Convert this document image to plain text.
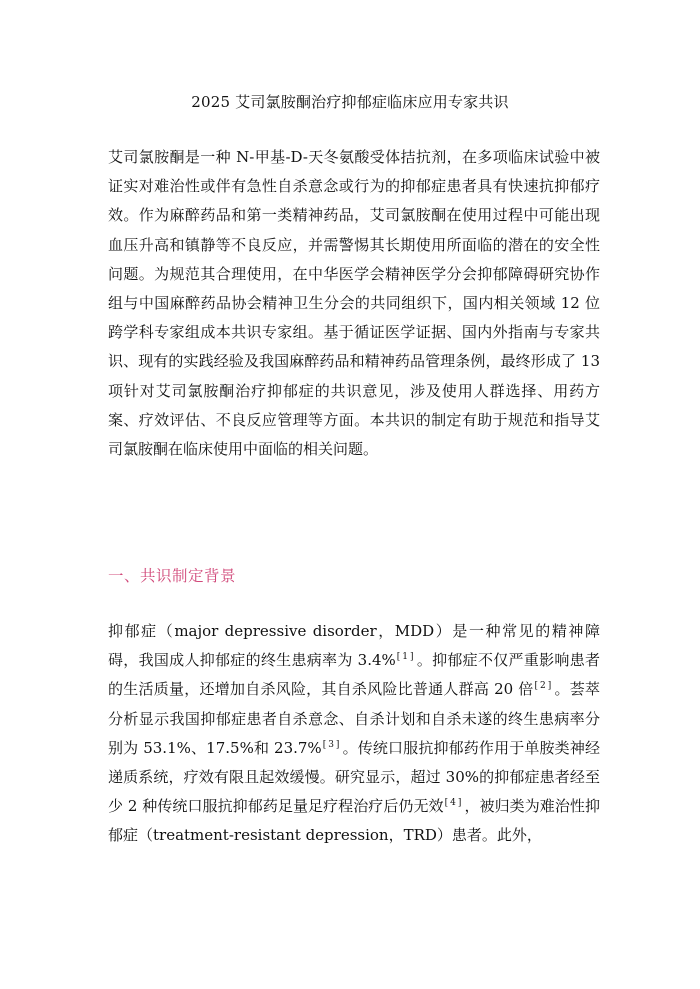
2025 艾司氯胺酮治疗抑郁症临床应用专家共识

艾司氯胺酮是一种 N-甲基-D-天冬氨酸受体拮抗剂，在多项临床试验中被证实对难治性或伴有急性自杀意念或行为的抑郁症患者具有快速抗抑郁疗效。作为麻醉药品和第一类精神药品，艾司氯胺酮在使用过程中可能出现血压升高和镇静等不良反应，并需警惕其长期使用所面临的潜在的安全性问题。为规范其合理使用，在中华医学会精神医学分会抑郁障碍研究协作组与中国麻醉药品协会精神卫生分会的共同组织下，国内相关领域 12 位跨学科专家组成本共识专家组。基于循证医学证据、国内外指南与专家共识、现有的实践经验及我国麻醉药品和精神药品管理条例，最终形成了 13 项针对艾司氯胺酮治疗抑郁症的共识意见，涉及使用人群选择、用药方案、疗效评估、不良反应管理等方面。本共识的制定有助于规范和指导艾司氯胺酮在临床使用中面临的相关问题。

一、共识制定背景

抑郁症（major depressive disorder，MDD）是一种常见的精神障碍，我国成人抑郁症的终生患病率为 3.4%[1]。抑郁症不仅严重影响患者的生活质量，还增加自杀风险，其自杀风险比普通人群高 20 倍[2]。荟萃分析显示我国抑郁症患者自杀意念、自杀计划和自杀未遂的终生患病率分别为 53.1%、17.5%和 23.7%[3]。传统口服抗抑郁药作用于单胺类神经递质系统，疗效有限且起效缓慢。研究显示，超过 30%的抑郁症患者经至少 2 种传统口服抗抑郁药足量足疗程治疗后仍无效[4]，被归类为难治性抑郁症（treatment-resistant depression，TRD）患者。此外，
